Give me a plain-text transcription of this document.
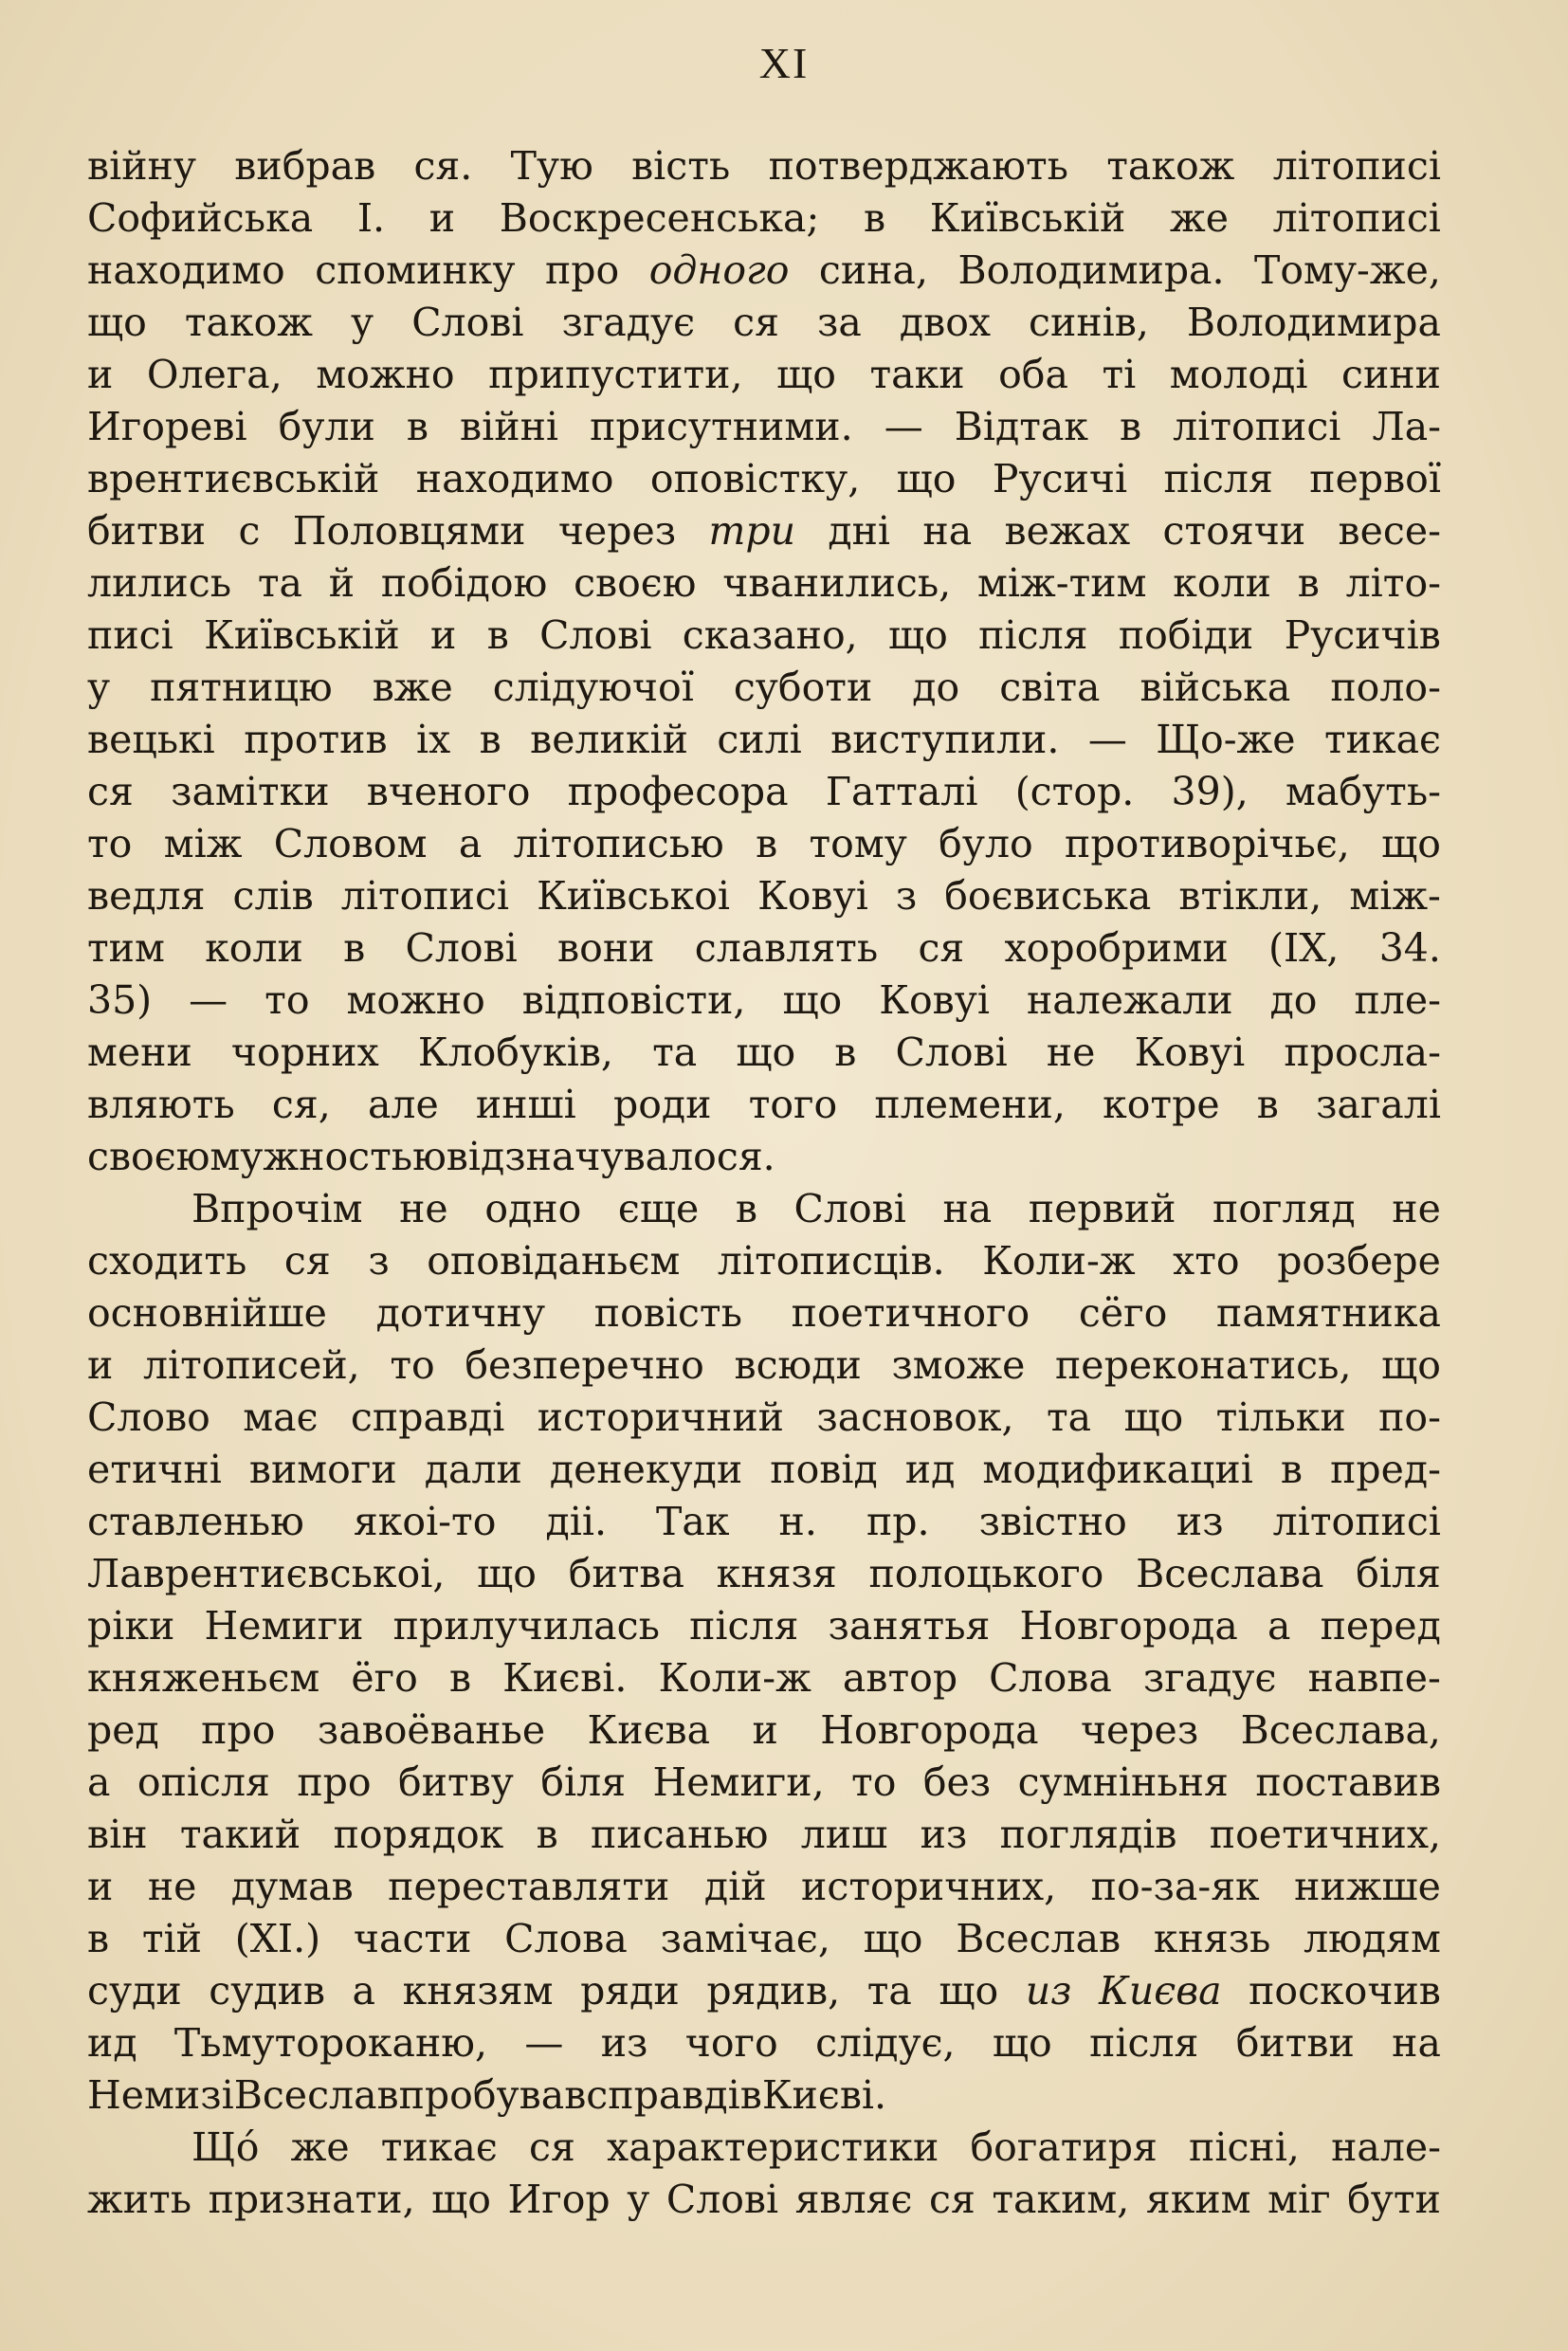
XI
війну вибрав ся. Тую вість потверджають також літописі
Софийська I. и Воскресенська; в Київській же літописі
находимо споминку про одного сина, Володимира. Тому-же,
що також у Слові згадує ся за двох синів, Володимира
и Олега, можно припустити, що таки оба ті молоді сини
Игореві були в війні присутними. — Відтак в літописі Ла-
врентиєвській находимо оповістку, що Русичі після первої
битви с Половцями через три дні на вежах стоячи весе-
лились та й побідою своєю чванились, між-тим коли в літо-
писі Київській и в Слові сказано, що після побіди Русичів
у пятницю вже слідуючої суботи до світа війська поло-
вецькі против іх в великій силі виступили. — Що-же тикає
ся замітки вченого професора Гатталі (стор. 39), мабуть-
то між Словом а літописью в тому було противорічьє, що
ведля слів літописі Київськоі Ковуі з боєвиська втікли, між-
тим коли в Слові вони славлять ся хоробрими (IX, 34.
35) — то можно відповісти, що Ковуі належали до пле-
мени чорних Клобуків, та що в Слові не Ковуі просла-
вляють ся, але инші роди того племени, котре в загалі
своєю мужностью відзначувало ся.
Впрочім не одно єще в Слові на первий погляд не
сходить ся з оповіданьєм літописців. Коли-ж хто розбере
основнійше дотичну повість поетичного сёго памятника
и літописей, то безперечно всюди зможе переконатись, що
Слово має справді историчний засновок, та що тільки по-
етичні вимоги дали денекуди повід ид модификациі в пред-
ставленью якоі-то діі. Так н. пр. звістно из літописі
Лаврентиєвськоі, що битва князя полоцького Всеслава біля
ріки Немиги прилучилась після занятья Новгорода а перед
княженьєм ёго в Києві. Коли-ж автор Слова згадує навпе-
ред про завоёванье Києва и Новгорода через Всеслава,
а опісля про битву біля Немиги, то без сумніньня поставив
він такий порядок в писанью лиш из поглядів поетичних,
и не думав переставляти дій историчних, по-за-як нижше
в тій (XI.) части Слова замічає, що Всеслав князь людям
суди судив а князям ряди рядив, та що из Києва поскочив
ид Тьмутороканю, — из чого слідує, що після битви на
Немизі Всеслав пробував справді в Києві.
Щó же тикає ся характеристики богатиря пісні, нале-
жить признати, що Игор у Слові являє ся таким, яким міг бути
